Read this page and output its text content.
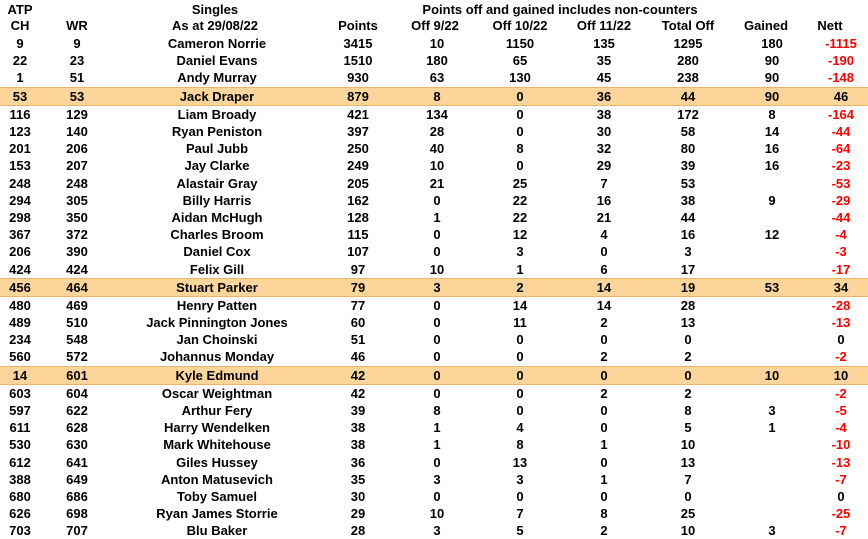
ATP
CH	WR
Singles
As at 29/08/22	Points
Points off and gained includes non-counters
Off 9/22	Off 10/22	Off 11/22	Total Off	Gained	Nett
9	9	Cameron Norrie	3415	10	1150	135	1295	180	-1115
22	23	Daniel Evans	1510	180	65	35	280	90	-190
1	51	Andy Murray	930	63	130	45	238	90	-148
53	53	Jack Draper	879	8	0	36	44	90	46
116	129	Liam Broady	421	134	0	38	172	8	-164
123	140	Ryan Peniston	397	28	0	30	58	14	-44
201	206	Paul Jubb	250	40	8	32	80	16	-64
153	207	Jay Clarke	249	10	0	29	39	16	-23
248	248	Alastair Gray	205	21	25	7	53		-53
294	305	Billy Harris	162	0	22	16	38	9	-29
298	350	Aidan McHugh	128	1	22	21	44		-44
367	372	Charles Broom	115	0	12	4	16	12	-4
206	390	Daniel Cox	107	0	3	0	3		-3
424	424	Felix Gill	97	10	1	6	17		-17
456	464	Stuart Parker	79	3	2	14	19	53	34
480	469	Henry Patten	77	0	14	14	28		-28
489	510	Jack Pinnington Jones	60	0	11	2	13		-13
234	548	Jan Choinski	51	0	0	0	0		0
560	572	Johannus Monday	46	0	0	2	2		-2
14	601	Kyle Edmund	42	0	0	0	0	10	10
603	604	Oscar Weightman	42	0	0	2	2		-2
597	622	Arthur Fery	39	8	0	0	8	3	-5
611	628	Harry Wendelken	38	1	4	0	5	1	-4
530	630	Mark Whitehouse	38	1	8	1	10		-10
612	641	Giles Hussey	36	0	13	0	13		-13
388	649	Anton Matusevich	35	3	3	1	7		-7
680	686	Toby Samuel	30	0	0	0	0		0
626	698	Ryan James Storrie	29	10	7	8	25		-25
703	707	Blu Baker	28	3	5	2	10	3	-7
